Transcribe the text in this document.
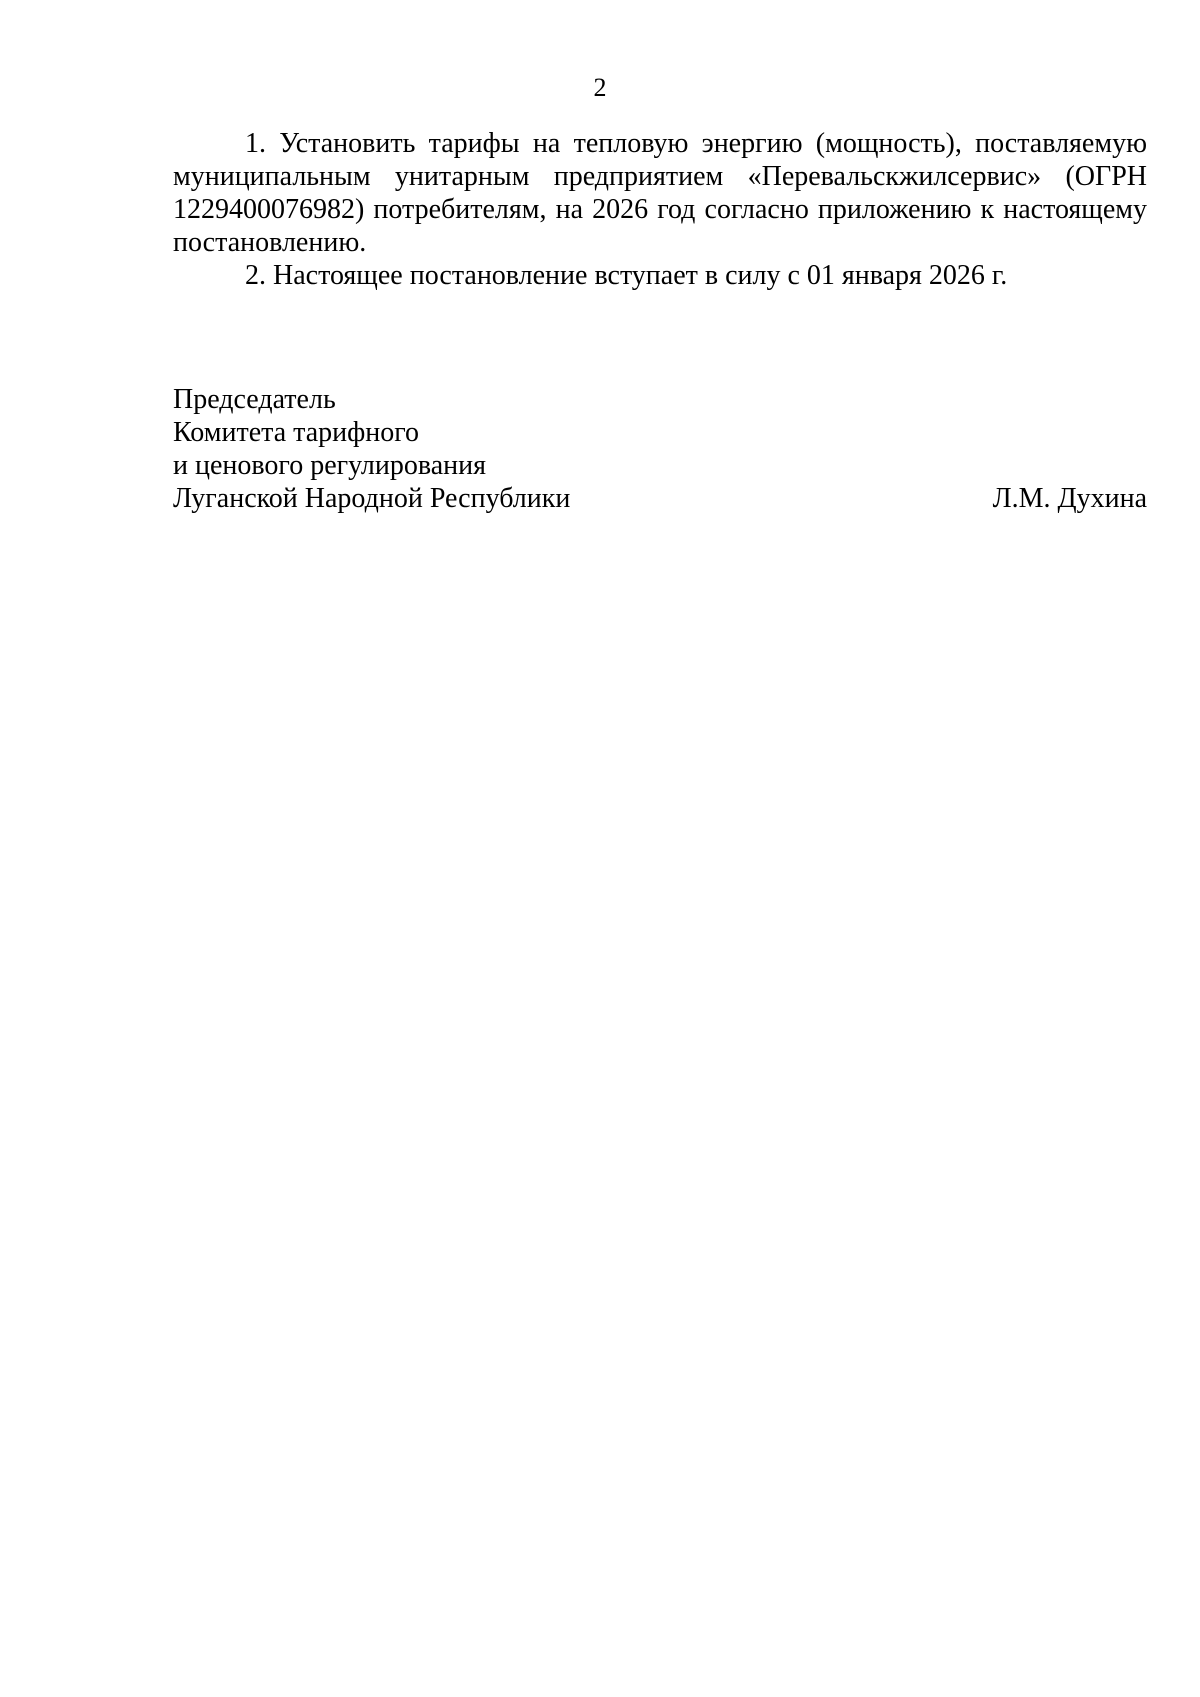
2

1. Установить тарифы на тепловую энергию (мощность), поставляемую муниципальным унитарным предприятием «Перевальскжилсервис» (ОГРН 1229400076982) потребителям, на 2026 год согласно приложению к настоящему постановлению.

2. Настоящее постановление вступает в силу с 01 января 2026 г.

Председатель
Комитета тарифного
и ценового регулирования
Луганской Народной Республики	Л.М. Духина
